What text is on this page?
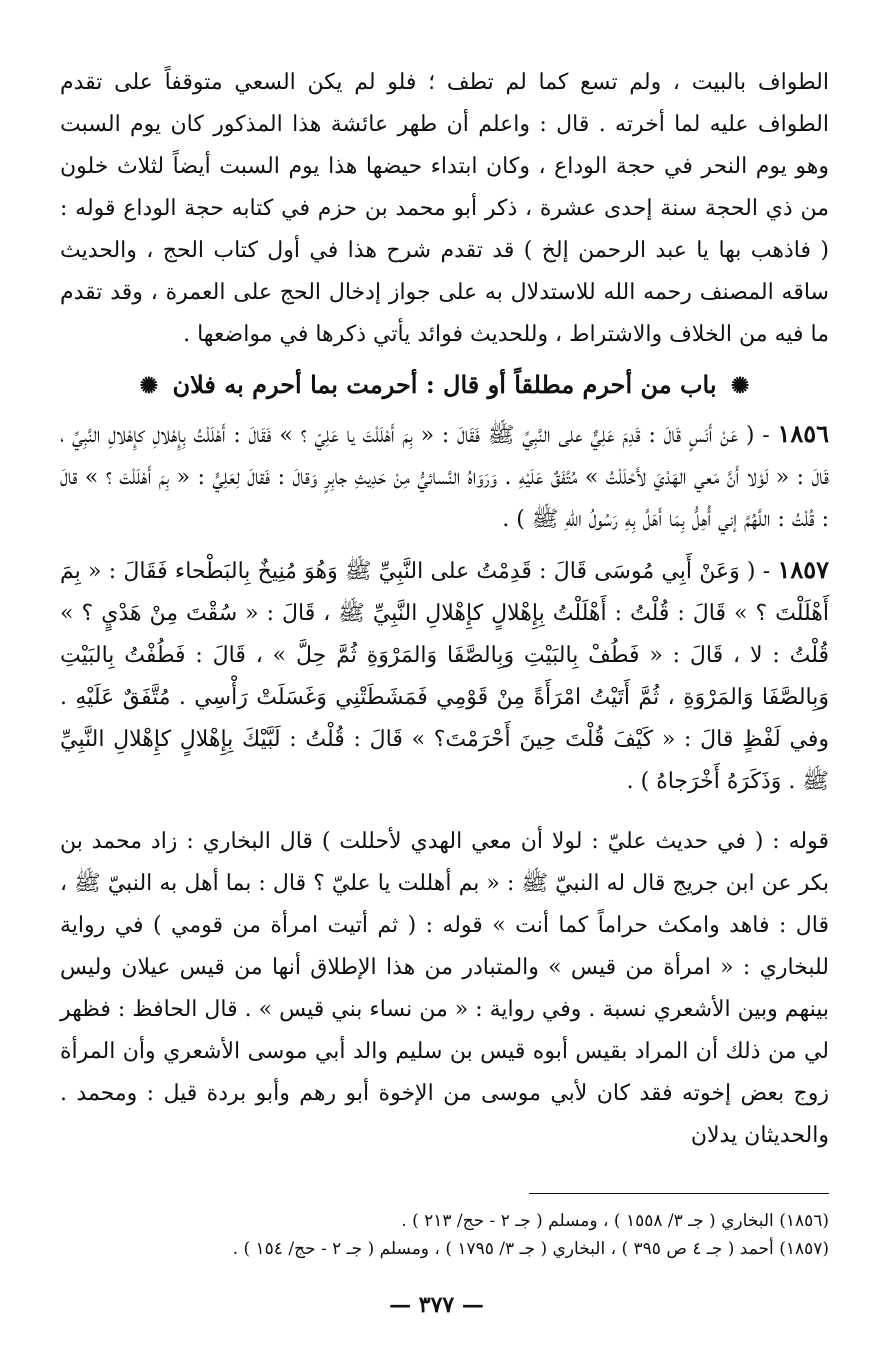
الطواف بالبيت ، ولم تسع كما لم تطف ؛ فلو لم يكن السعي متوقفاً على تقدم الطواف عليه لما أخرته . قال : واعلم أن طهر عائشة هذا المذكور كان يوم السبت وهو يوم النحر في حجة الوداع ، وكان ابتداء حيضها هذا يوم السبت أيضاً لثلاث خلون من ذي الحجة سنة إحدى عشرة ، ذكر أبو محمد بن حزم في كتابه حجة الوداع قوله : ( فاذهب بها يا عبد الرحمن إلخ ) قد تقدم شرح هذا في أول كتاب الحج ، والحديث ساقه المصنف رحمه الله للاستدلال به على جواز إدخال الحج على العمرة ، وقد تقدم ما فيه من الخلاف والاشتراط ، وللحديث فوائد يأتي ذكرها في مواضعها .

✺ باب من أحرم مطلقاً أو قال : أحرمت بما أحرم به فلان ✺

١٨٥٦ - ( عَنْ أَنَسٍ قَالَ : قَدِمَ عَلِيٌّ على النَّبِيِّ ﷺ فَقَالَ : « بِمَ أَهْلَلْتَ يا عَلِيّ ؟ » فَقَالَ : أَهْلَلْتُ بِإِهْلالِ كإِهْلالِ النَّبِيِّ ، قَالَ : « لَوْلا أَنَّ مَعي الهَدْيَ لأَحْلَلْتُ » مُتَّفَقٌ عَلَيْهِ . وَرَوَاهُ النَّسائيُّ مِنْ حَدِيثِ جابِرٍ وَقالَ : فَقالَ لِعَلِيٍّ : « بِمَ أَهْلَلْتَ ؟ » قالَ : قُلْتُ : اللَّهُمَّ إني أُهِلُّ بِمَا أَهَلَّ بِهِ رَسُولُ اللهِ ﷺ ) .

١٨٥٧ - ( وَعَنْ أَبِي مُوسَى قَالَ : قَدِمْتُ على النَّبِيِّ ﷺ وَهُوَ مُنِيخٌ بِالبَطْحاء فَقَالَ : « بِمَ أَهْلَلْتَ ؟ » قَالَ : قُلْتُ : أَهْلَلْتُ بِإِهْلالٍ كإِهْلالِ النَّبِيِّ ﷺ ، قَالَ : « سُقْتَ مِنْ هَدْيٍ ؟ » قُلْتُ : لا ، قَالَ : « فَطُفْ بِالبَيْتِ وَبِالصَّفَا وَالمَرْوَةِ ثُمَّ حِلَّ » ، قَالَ : فَطُفْتُ بِالبَيْتِ وَبِالصَّفَا وَالمَرْوَةِ ، ثُمَّ أَتَيْتُ امْرَأَةً مِنْ قَوْمِي فَمَشَطَتْنِي وَغَسَلَتْ رَأْسِي . مُتَّفَقٌ عَلَيْهِ . وفي لَفْظٍ قالَ : « كَيْفَ قُلْتَ حِينَ أَحْرَمْتَ؟ » قَالَ : قُلْتُ : لَبَّيْكَ بِإِهْلالٍ كإِهْلالِ النَّبِيِّ ﷺ . وَذَكَرَهُ أَخْرَجاهُ ) .

قوله : ( في حديث عليّ : لولا أن معي الهدي لأحللت ) قال البخاري : زاد محمد بن بكر عن ابن جريج قال له النبيّ ﷺ : « بم أهللت يا عليّ ؟ قال : بما أهل به النبيّ ﷺ ، قال : فاهد وامكث حراماً كما أنت » قوله : ( ثم أتيت امرأة من قومي ) في رواية للبخاري : « امرأة من قيس » والمتبادر من هذا الإطلاق أنها من قيس عيلان وليس بينهم وبين الأشعري نسبة . وفي رواية : « من نساء بني قيس » . قال الحافظ : فظهر لي من ذلك أن المراد بقيس أبوه قيس بن سليم والد أبي موسى الأشعري وأن المرأة زوج بعض إخوته فقد كان لأبي موسى من الإخوة أبو رهم وأبو بردة قيل : ومحمد . والحديثان يدلان

(١٨٥٦) البخاري ( جـ ٣/ ١٥٥٨ ) ، ومسلم ( جـ ٢ - حج/ ٢١٣ ) .
(١٨٥٧) أحمد ( جـ ٤ ص ٣٩٥ ) ، البخاري ( جـ ٣/ ١٧٩٥ ) ، ومسلم ( جـ ٢ - حج/ ١٥٤ ) .
— ٣٧٧ —
